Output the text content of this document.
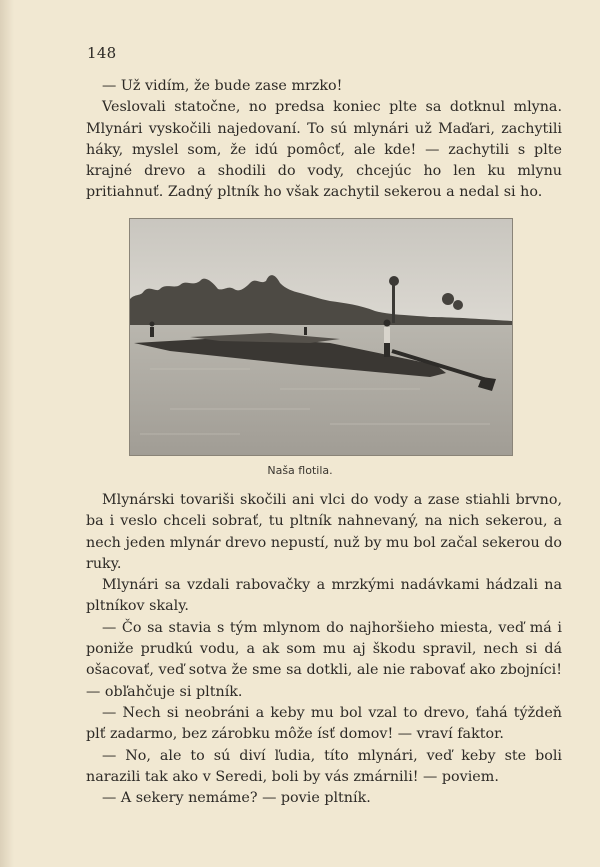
148

— Už vidím, že bude zase mrzko!

Veslovali statočne, no predsa koniec plte sa dotknul mlyna. Mlynári vyskočili najedovaní. To sú mlynári už Maďari, zachytili háky, myslel som, že idú pomôcť, ale kde! — zachytili s plte krajné drevo a shodili do vody, chcejúc ho len ku mlynu pritiahnuť. Zadný pltník ho však zachytil sekerou a nedal si ho.

Naša flotila.

Mlynárski tovariši skočili ani vlci do vody a zase stiahli brvno, ba i veslo chceli sobrať, tu pltník nahnevaný, na nich sekerou, a nech jeden mlynár drevo nepustí, nuž by mu bol začal sekerou do ruky.

Mlynári sa vzdali rabovačky a mrzkými nadávkami hádzali na pltníkov skaly.

— Čo sa stavia s tým mlynom do najhoršieho miesta, veď má i poniže prudkú vodu, a ak som mu aj škodu spravil, nech si dá ošacovať, veď sotva že sme sa dotkli, ale nie rabovať ako zbojníci! — obľahčuje si pltník.

— Nech si neobráni a keby mu bol vzal to drevo, ťahá týždeň plť zadarmo, bez zárobku môže ísť domov! — vraví faktor.

— No, ale to sú diví ľudia, títo mlynári, veď keby ste boli narazili tak ako v Seredi, boli by vás zmárnili! — poviem.

— A sekery nemáme? — povie pltník.
